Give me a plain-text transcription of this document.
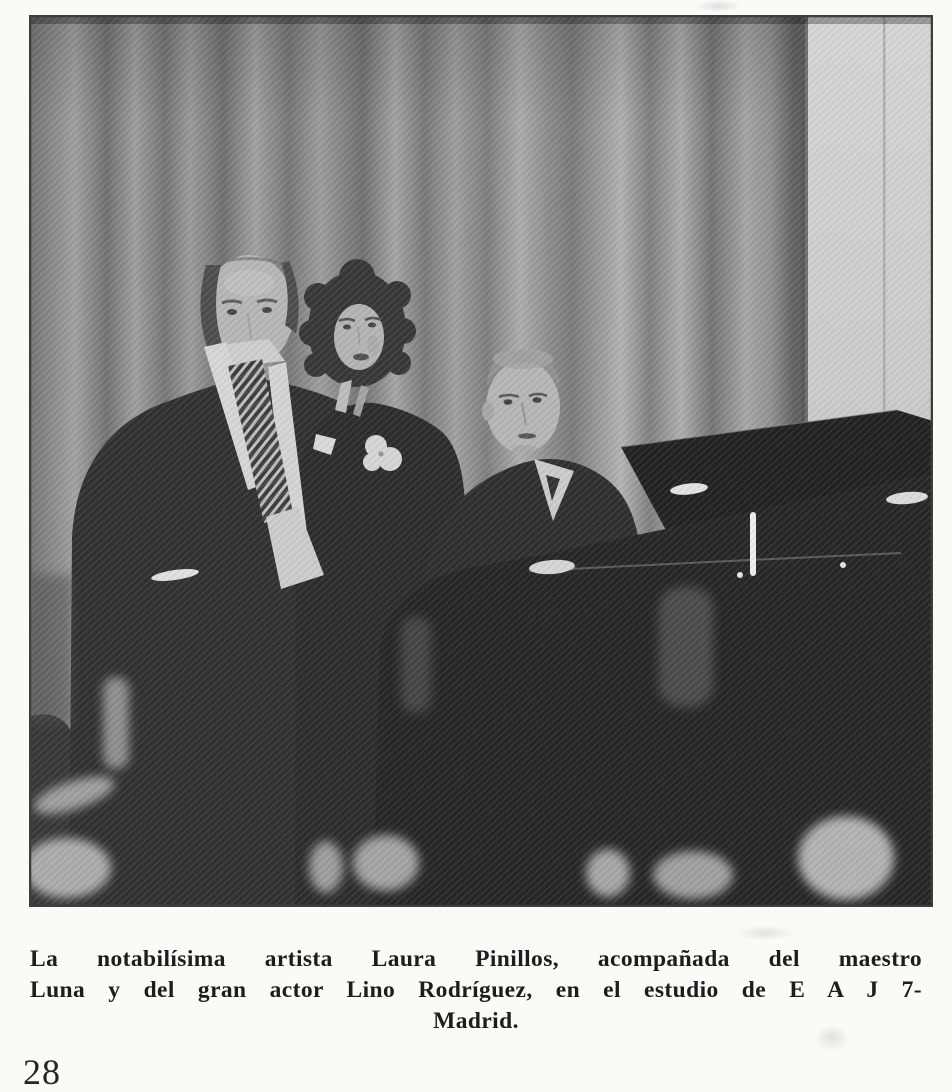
La notabilísima artista Laura Pinillos, acompañada del maestro
Luna y del gran actor Lino Rodríguez, en el estudio de E A J 7-
Madrid.
28
